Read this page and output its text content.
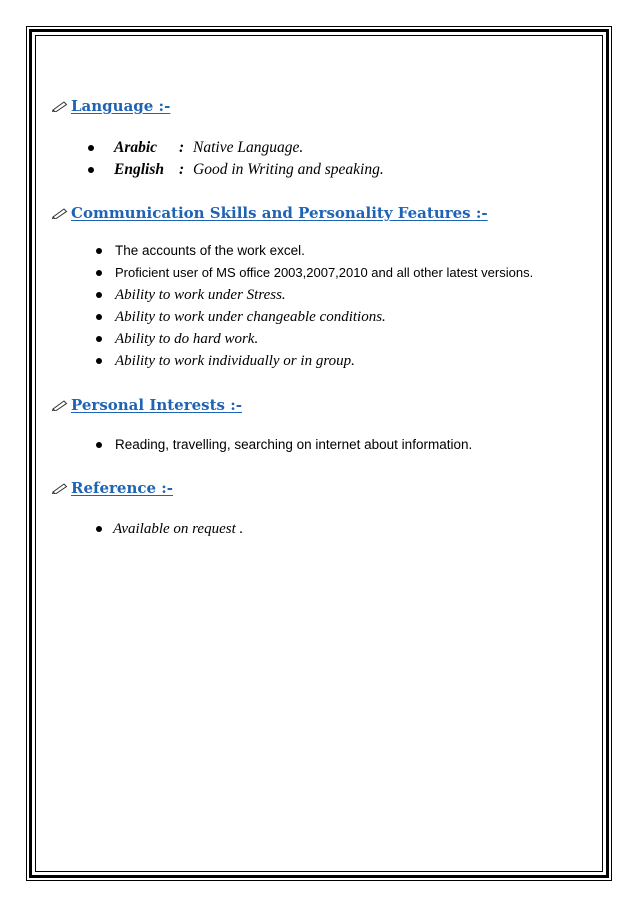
Language :-
Arabic : Native Language.
English : Good in Writing and speaking.
Communication Skills and Personality Features :-
The accounts of the work excel.
Proficient user of MS office 2003,2007,2010 and all other latest versions.
Ability to work under Stress.
Ability to work under changeable conditions.
Ability to do hard work.
Ability to work individually or in group.
Personal Interests :-
Reading, travelling, searching on internet about information.
Reference :-
Available on request .
